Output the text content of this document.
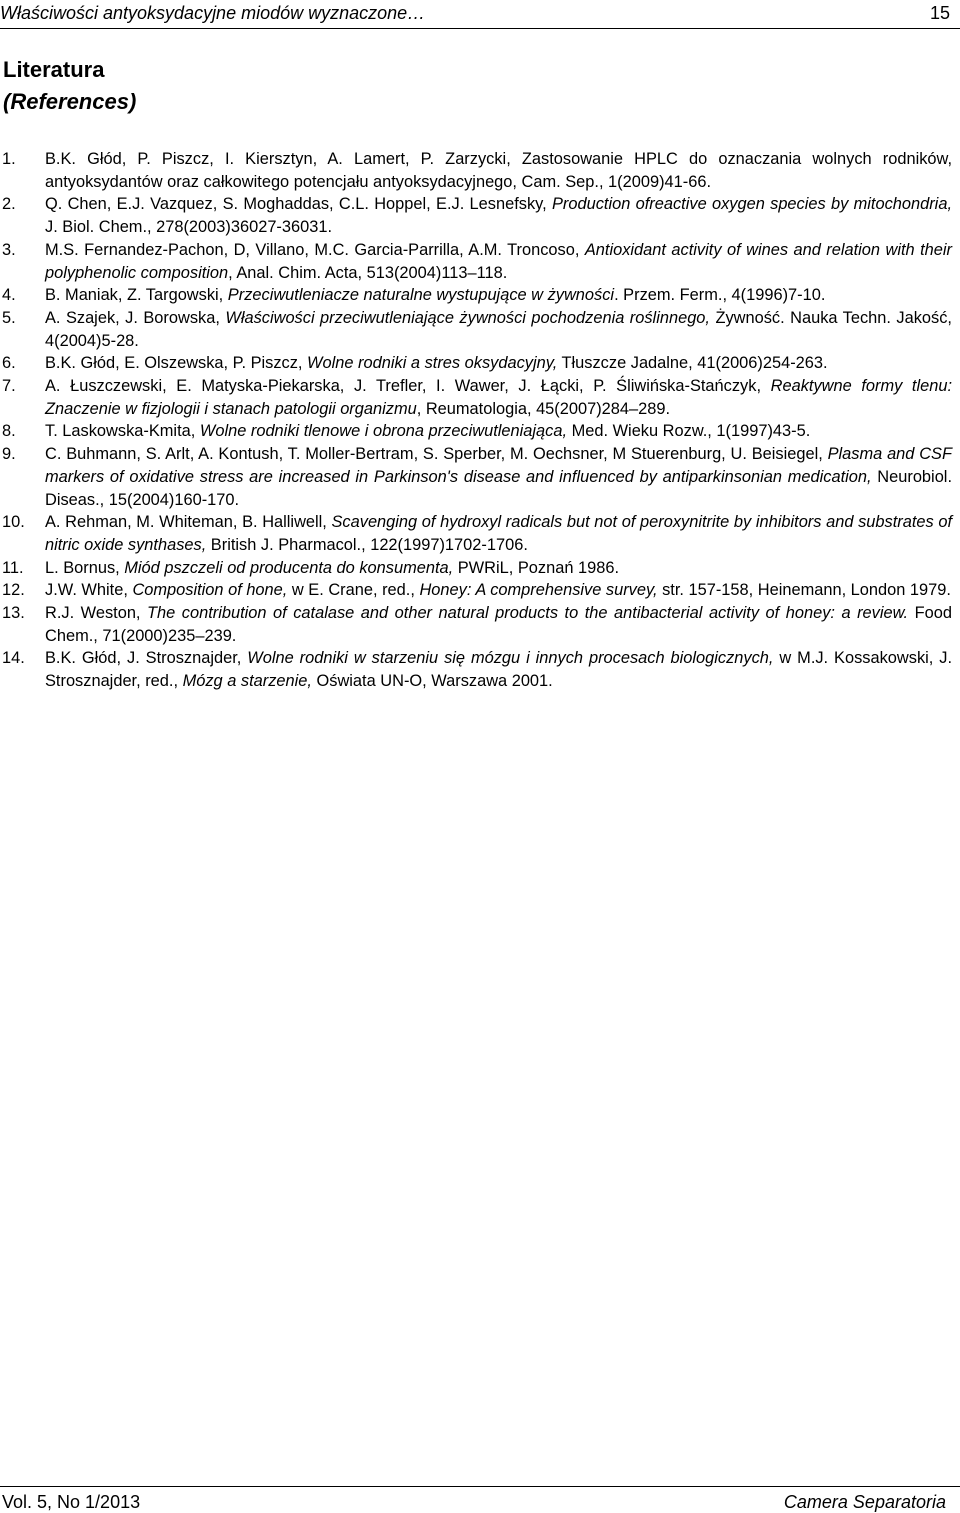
Właściwości antyoksydacyjne miodów wyznaczone…	15
Literatura
(References)
1. B.K. Głód, P. Piszcz, I. Kiersztyn, A. Lamert, P. Zarzycki, Zastosowanie HPLC do oznaczania wolnych rodników, antyoksydantów oraz całkowitego potencjału antyoksydacyjnego, Cam. Sep., 1(2009)41-66.
2. Q. Chen, E.J. Vazquez, S. Moghaddas, C.L. Hoppel, E.J. Lesnefsky, Production ofreactive oxygen species by mitochondria, J. Biol. Chem., 278(2003)36027-36031.
3. M.S. Fernandez-Pachon, D, Villano, M.C. Garcia-Parrilla, A.M. Troncoso, Antioxidant activity of wines and relation with their polyphenolic composition, Anal. Chim. Acta, 513(2004)113–118.
4. B. Maniak, Z. Targowski, Przeciwutleniacze naturalne wystupujące w żywności. Przem. Ferm., 4(1996)7-10.
5. A. Szajek, J. Borowska, Właściwości przeciwutleniające żywności pochodzenia roślinnego, Żywność. Nauka Techn. Jakość, 4(2004)5-28.
6. B.K. Głód, E. Olszewska, P. Piszcz, Wolne rodniki a stres oksydacyjny, Tłuszcze Jadalne, 41(2006)254-263.
7. A. Łuszczewski, E. Matyska-Piekarska, J. Trefler, I. Wawer, J. Łącki, P. Śliwińska-Stańczyk, Reaktywne formy tlenu: Znaczenie w fizjologii i stanach patologii organizmu, Reumatologia, 45(2007)284–289.
8. T. Laskowska-Kmita, Wolne rodniki tlenowe i obrona przeciwutleniająca, Med. Wieku Rozw., 1(1997)43-5.
9. C. Buhmann, S. Arlt, A. Kontush, T. Moller-Bertram, S. Sperber, M. Oechsner, M Stuerenburg, U. Beisiegel, Plasma and CSF markers of oxidative stress are increased in Parkinson's disease and influenced by antiparkinsonian medication, Neurobiol. Diseas., 15(2004)160-170.
10. A. Rehman, M. Whiteman, B. Halliwell, Scavenging of hydroxyl radicals but not of peroxynitrite by inhibitors and substrates of nitric oxide synthases, British J. Pharmacol., 122(1997)1702-1706.
11. L. Bornus, Miód pszczeli od producenta do konsumenta, PWRiL, Poznań 1986.
12. J.W. White, Composition of hone, w E. Crane, red., Honey: A comprehensive survey, str. 157-158, Heinemann, London 1979.
13. R.J. Weston, The contribution of catalase and other natural products to the antibacterial activity of honey: a review. Food Chem., 71(2000)235–239.
14. B.K. Głód, J. Strosznajder, Wolne rodniki w starzeniu się mózgu i innych procesach biologicznych, w M.J. Kossakowski, J. Strosznajder, red., Mózg a starzenie, Oświata UN-O, Warszawa 2001.
Vol. 5, No 1/2013	Camera Separatoria
